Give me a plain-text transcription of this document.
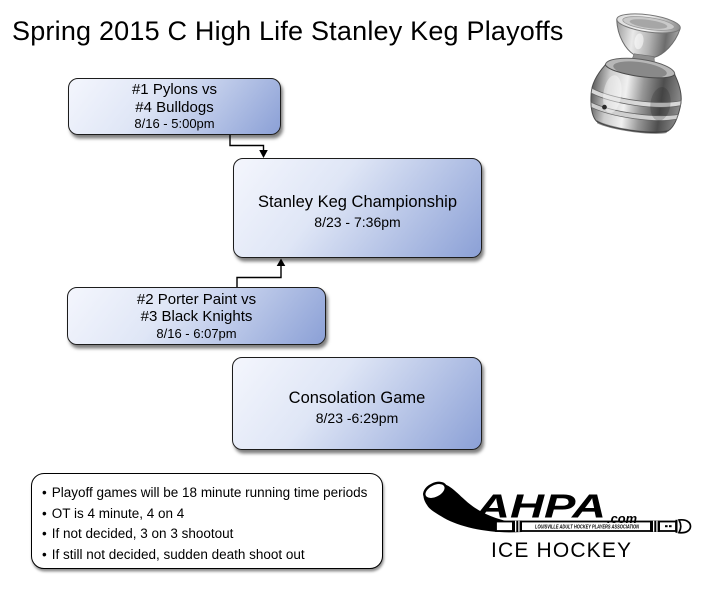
Spring 2015 C High Life Stanley Keg Playoffs
#1 Pylons vs
#4 Bulldogs
8/16 - 5:00pm
Stanley Keg Championship
8/23 - 7:36pm
#2 Porter Paint vs
#3 Black Knights
8/16 - 6:07pm
Consolation Game
8/23 -6:29pm
• Playoff games will be 18 minute running time periods
• OT is 4 minute, 4 on 4
• If not decided, 3 on 3 shootout
• If still not decided, sudden death shoot out
AHPA .com
LOUISVILLE ADULT HOCKEY PLAYERS ASSOCIATION
ICE HOCKEY
